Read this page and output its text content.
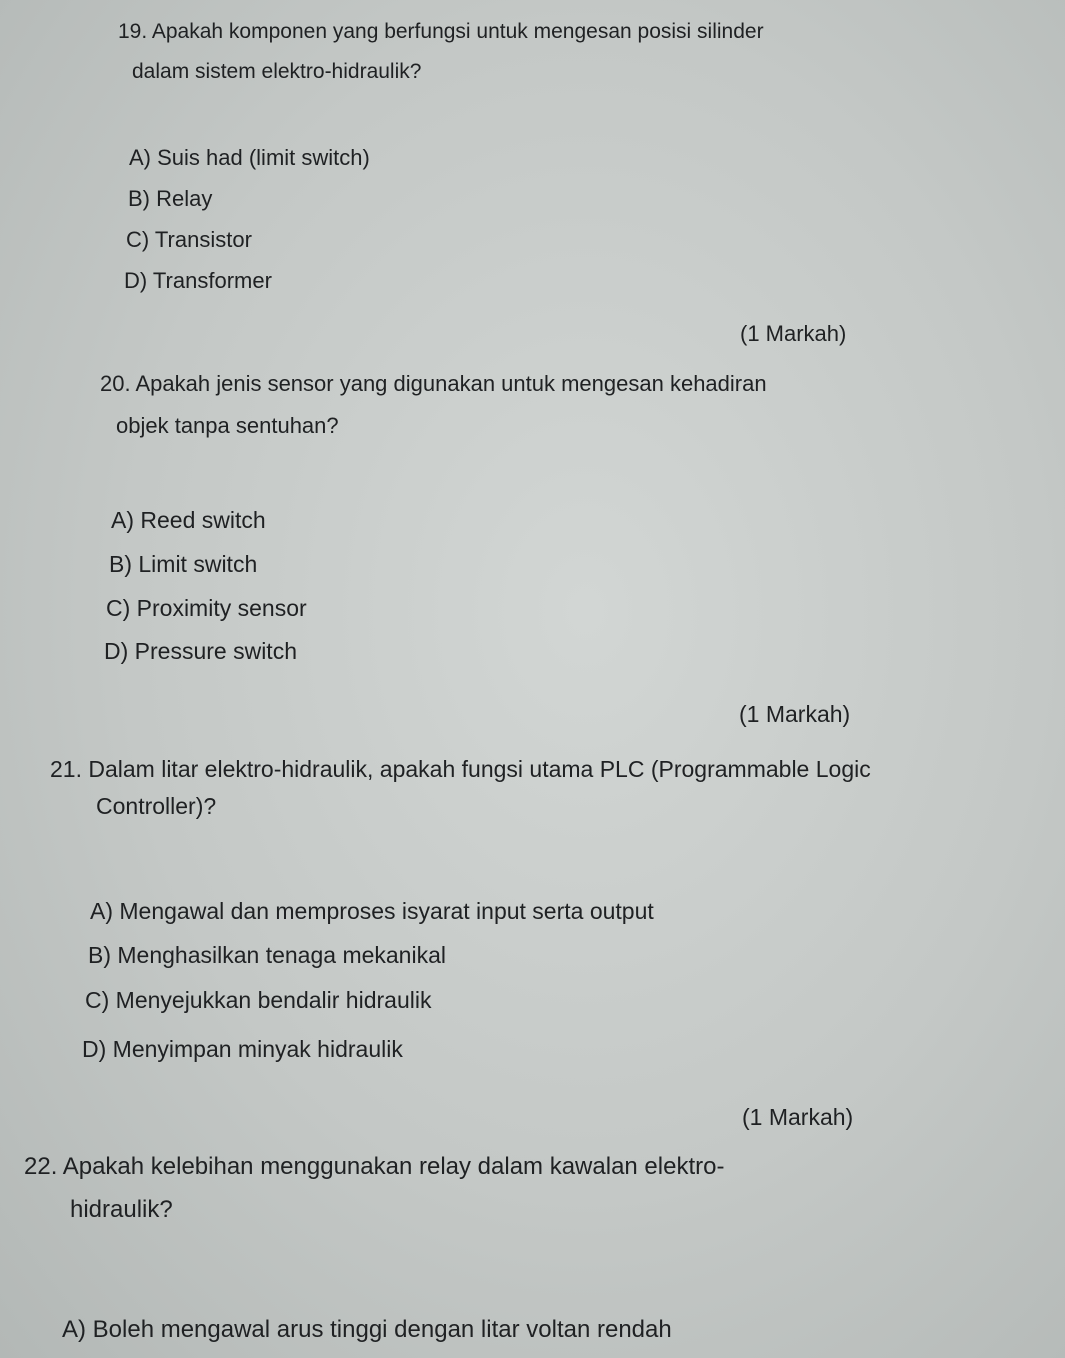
19. Apakah komponen yang berfungsi untuk mengesan posisi silinder

dalam sistem elektro-hidraulik?

A) Suis had (limit switch)

B) Relay

C) Transistor

D) Transformer

(1 Markah)

20. Apakah jenis sensor yang digunakan untuk mengesan kehadiran

objek tanpa sentuhan?

A) Reed switch

B) Limit switch

C) Proximity sensor

D) Pressure switch

(1 Markah)

21. Dalam litar elektro-hidraulik, apakah fungsi utama PLC (Programmable Logic

Controller)?

A) Mengawal dan memproses isyarat input serta output

B) Menghasilkan tenaga mekanikal

C) Menyejukkan bendalir hidraulik

D) Menyimpan minyak hidraulik

(1 Markah)

22. Apakah kelebihan menggunakan relay dalam kawalan elektro-

hidraulik?

A) Boleh mengawal arus tinggi dengan litar voltan rendah
